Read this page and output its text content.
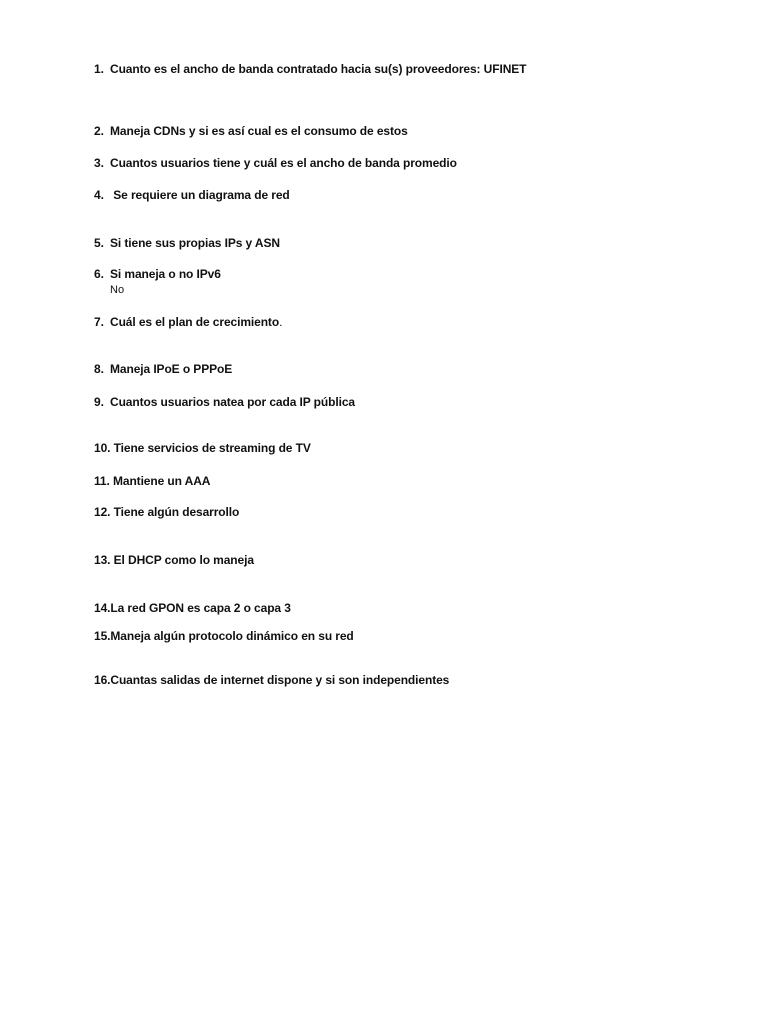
1. Cuanto es el ancho de banda contratado hacia su(s) proveedores: UFINET
2. Maneja CDNs y si es así cual es el consumo de estos
3. Cuantos usuarios tiene y cuál es el ancho de banda promedio
4. Se requiere un diagrama de red
5. Si tiene sus propias IPs y ASN
6. Si maneja o no IPv6
No
7. Cuál es el plan de crecimiento.
8. Maneja IPoE o PPPoE
9. Cuantos usuarios natea por cada IP pública
10. Tiene servicios de streaming de TV
11. Mantiene un AAA
12. Tiene algún desarrollo
13. El DHCP como lo maneja
14.La red GPON es capa 2 o capa 3
15.Maneja algún protocolo dinámico en su red
16.Cuantas salidas de internet dispone y si son independientes
